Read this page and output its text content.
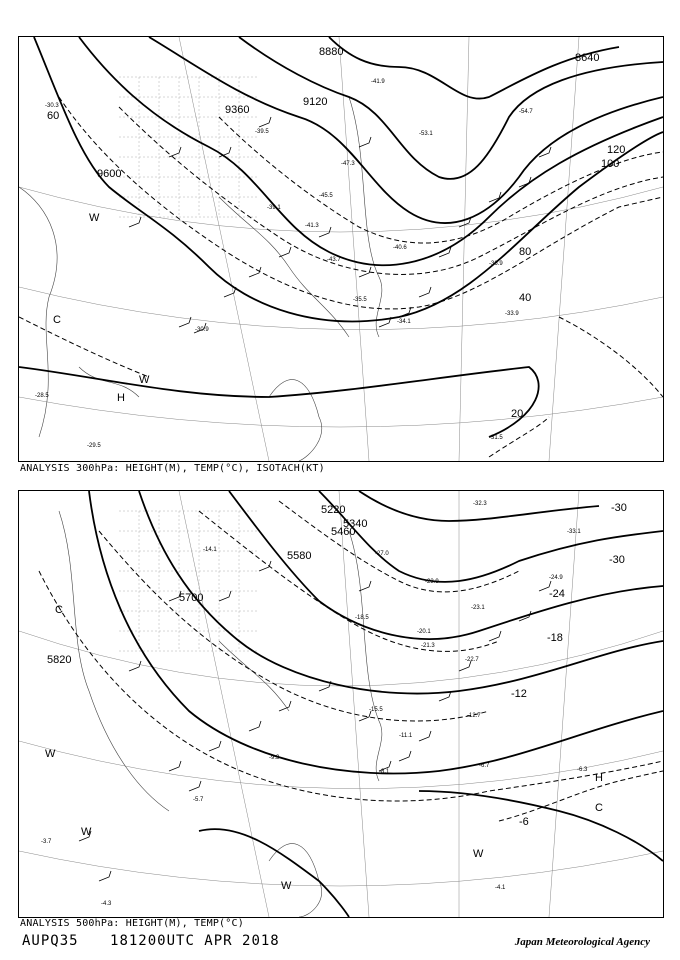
9600
9360
9120
8880	8640
20
40
60
80
100
120
H
W
C
W
-30.3
-39.5
-41.9
-53.1
-54.7
-45.5
-47.3
-39.1
-34.1
-35.5
-30.9
-28.5
-29.5
-31.5
-33.9
-41.3
-40.6
-43.7
-36.9
ANALYSIS 300hPa: HEIGHT(M), TEMP(°C), ISOTACH(KT)
5820
5700
5580
5460
5340
5220	-30
-24
-18
-12
-6
-30
W
C
W
W
H
C
W
-14.1
-18.5
-23.9
-20.1
-27.0
-23.1
-22.7
-12.7
-8.1
-6.7
-6.3
-4.1
-5.7
-3.7
-4.3
-9.3
-11.1
-15.5
-21.3
-24.9
-33.1
-32.3
ANALYSIS 500hPa: HEIGHT(M), TEMP(°C)
AUPQ35 181200UTC APR 2018	Japan Meteorological Agency
